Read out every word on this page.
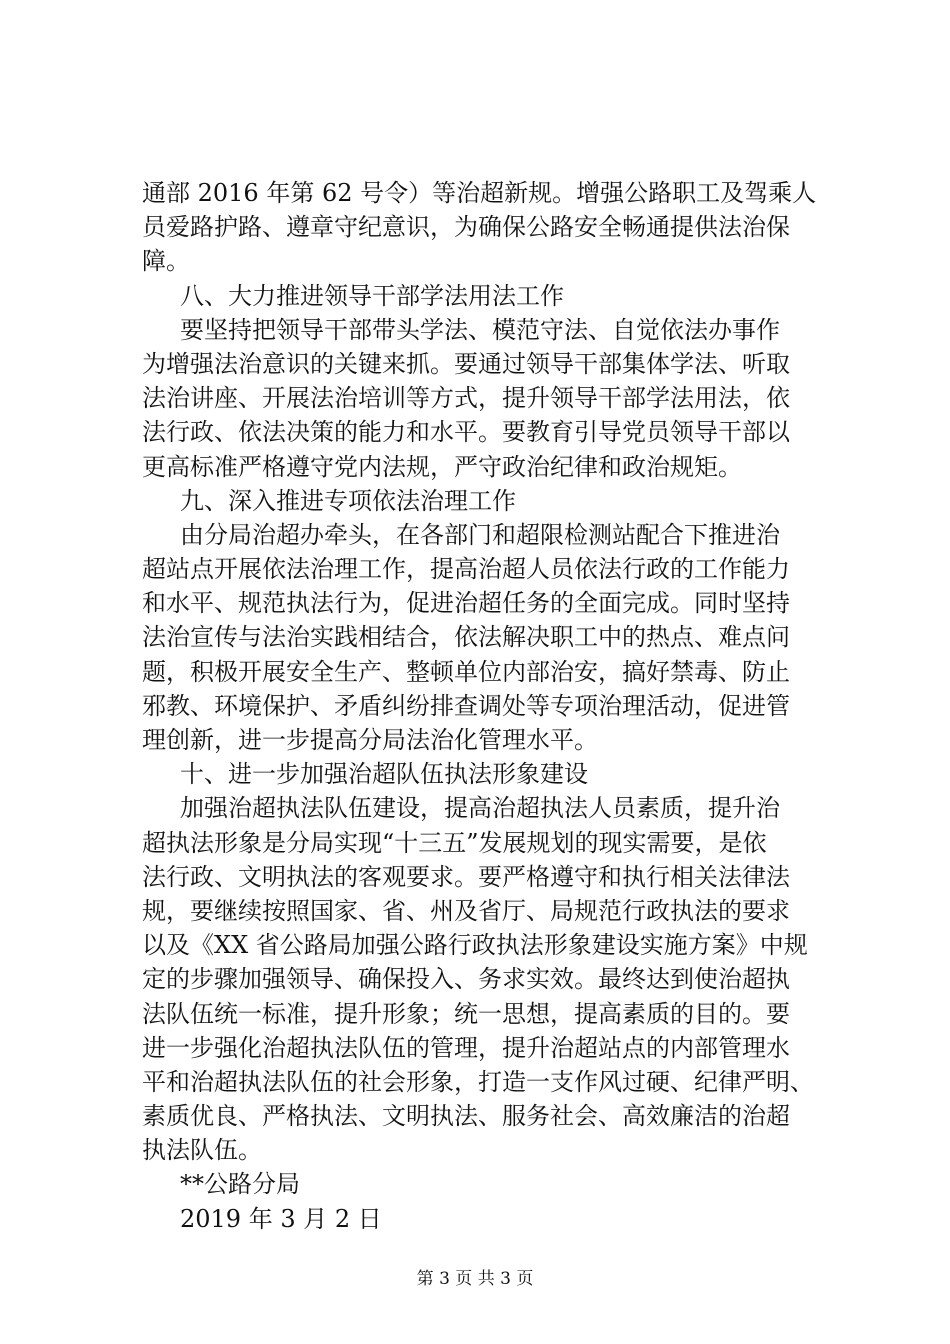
通部 2016 年第 62 号令）等治超新规。增强公路职工及驾乘人
员爱路护路、遵章守纪意识，为确保公路安全畅通提供法治保
障。
八、大力推进领导干部学法用法工作
要坚持把领导干部带头学法、模范守法、自觉依法办事作
为增强法治意识的关键来抓。要通过领导干部集体学法、听取
法治讲座、开展法治培训等方式，提升领导干部学法用法，依
法行政、依法决策的能力和水平。要教育引导党员领导干部以
更高标准严格遵守党内法规，严守政治纪律和政治规矩。
九、深入推进专项依法治理工作
由分局治超办牵头，在各部门和超限检测站配合下推进治
超站点开展依法治理工作，提高治超人员依法行政的工作能力
和水平、规范执法行为，促进治超任务的全面完成。同时坚持
法治宣传与法治实践相结合，依法解决职工中的热点、难点问
题，积极开展安全生产、整顿单位内部治安，搞好禁毒、防止
邪教、环境保护、矛盾纠纷排查调处等专项治理活动，促进管
理创新，进一步提高分局法治化管理水平。
十、进一步加强治超队伍执法形象建设
加强治超执法队伍建设，提高治超执法人员素质，提升治
超执法形象是分局实现“十三五”发展规划的现实需要，是依
法行政、文明执法的客观要求。要严格遵守和执行相关法律法
规，要继续按照国家、省、州及省厅、局规范行政执法的要求
以及《XX 省公路局加强公路行政执法形象建设实施方案》中规
定的步骤加强领导、确保投入、务求实效。最终达到使治超执
法队伍统一标准，提升形象；统一思想，提高素质的目的。要
进一步强化治超执法队伍的管理，提升治超站点的内部管理水
平和治超执法队伍的社会形象，打造一支作风过硬、纪律严明、
素质优良、严格执法、文明执法、服务社会、高效廉洁的治超
执法队伍。
**公路分局
2019 年 3 月 2 日
第 3 页 共 3 页
